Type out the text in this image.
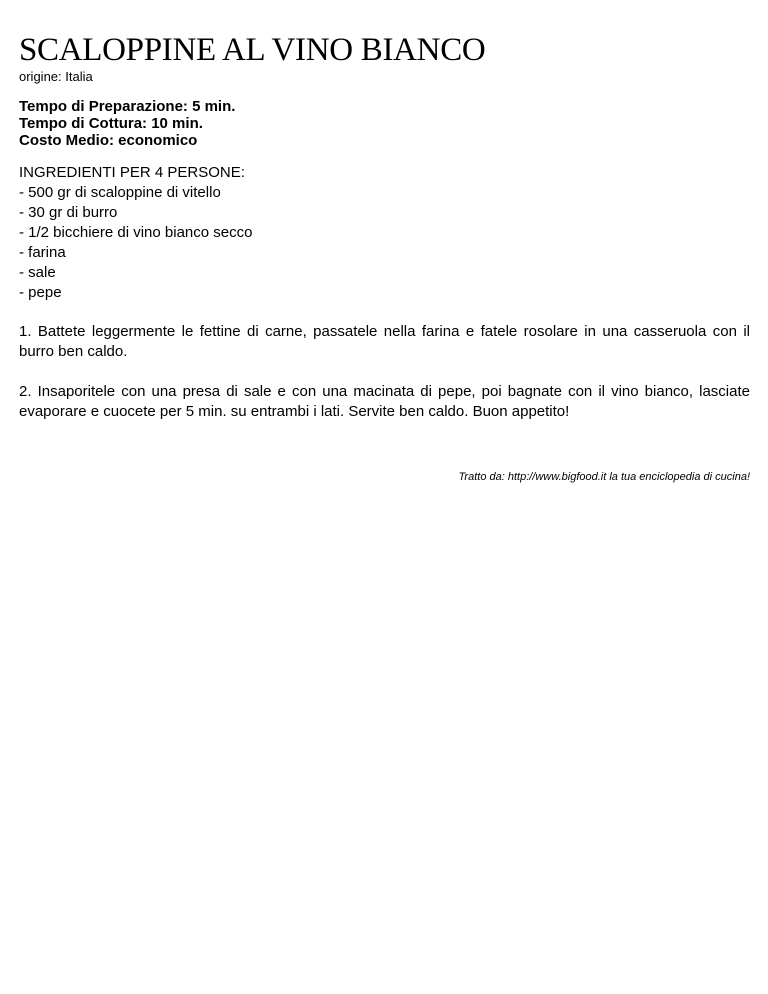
SCALOPPINE AL VINO BIANCO

origine: Italia

Tempo di Preparazione: 5 min.
Tempo di Cottura: 10 min.
Costo Medio: economico
INGREDIENTI PER 4 PERSONE:
- 500 gr di scaloppine di vitello
- 30 gr di burro
- 1/2 bicchiere di vino bianco secco
- farina
- sale
- pepe

1. Battete leggermente le fettine di carne, passatele nella farina e fatele rosolare in una casseruola con il burro ben caldo.

2. Insaporitele con una presa di sale e con una macinata di pepe, poi bagnate con il vino bianco, lasciate evaporare e cuocete per 5 min. su entrambi i lati. Servite ben caldo. Buon appetito!

Tratto da: http://www.bigfood.it la tua enciclopedia di cucina!
